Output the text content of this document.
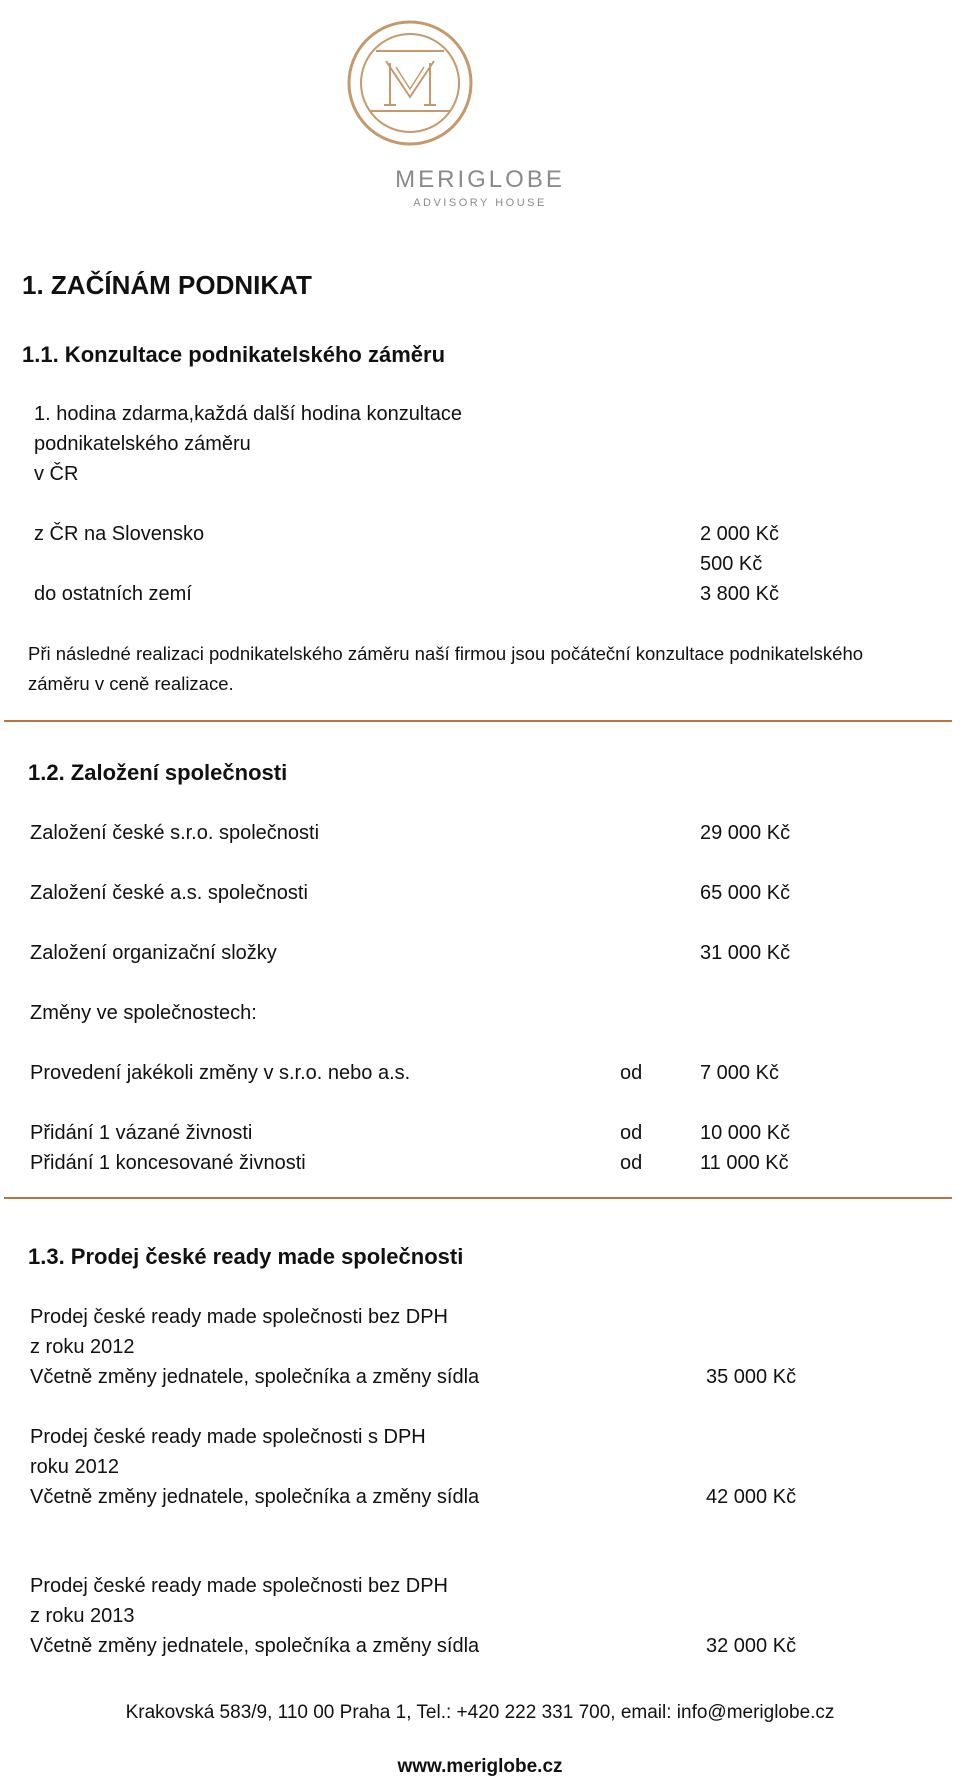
MERIGLOBE
ADVISORY HOUSE
1. ZAČÍNÁM PODNIKAT
1.1. Konzultace podnikatelského záměru
1. hodina zdarma,každá další hodina konzultace
podnikatelského záměru
v ČR
z ČR na Slovensko	2 000 Kč
500 Kč
do ostatních zemí	3 800 Kč
Při následné realizaci podnikatelského záměru naší firmou jsou počáteční konzultace podnikatelského
záměru v ceně realizace.
1.2. Založení společnosti
Založení české s.r.o. společnosti	29 000 Kč
Založení české a.s. společnosti	65 000 Kč
Založení organizační složky	31 000 Kč
Změny ve společnostech:
Provedení jakékoli změny v s.r.o. nebo a.s.	od	7 000 Kč
Přidání 1 vázané živnosti	od	10 000 Kč
Přidání 1 koncesované živnosti	od	11 000 Kč
1.3. Prodej české ready made společnosti
Prodej české ready made společnosti bez DPH
z roku 2012
Včetně změny jednatele, společníka a změny sídla	35 000 Kč
Prodej české ready made společnosti s DPH
roku 2012
Včetně změny jednatele, společníka a změny sídla	42 000 Kč
Prodej české ready made společnosti bez DPH
z roku 2013
Včetně změny jednatele, společníka a změny sídla	32 000 Kč
Krakovská 583/9, 110 00 Praha 1, Tel.: +420 222 331 700, email: info@meriglobe.cz
www.meriglobe.cz
